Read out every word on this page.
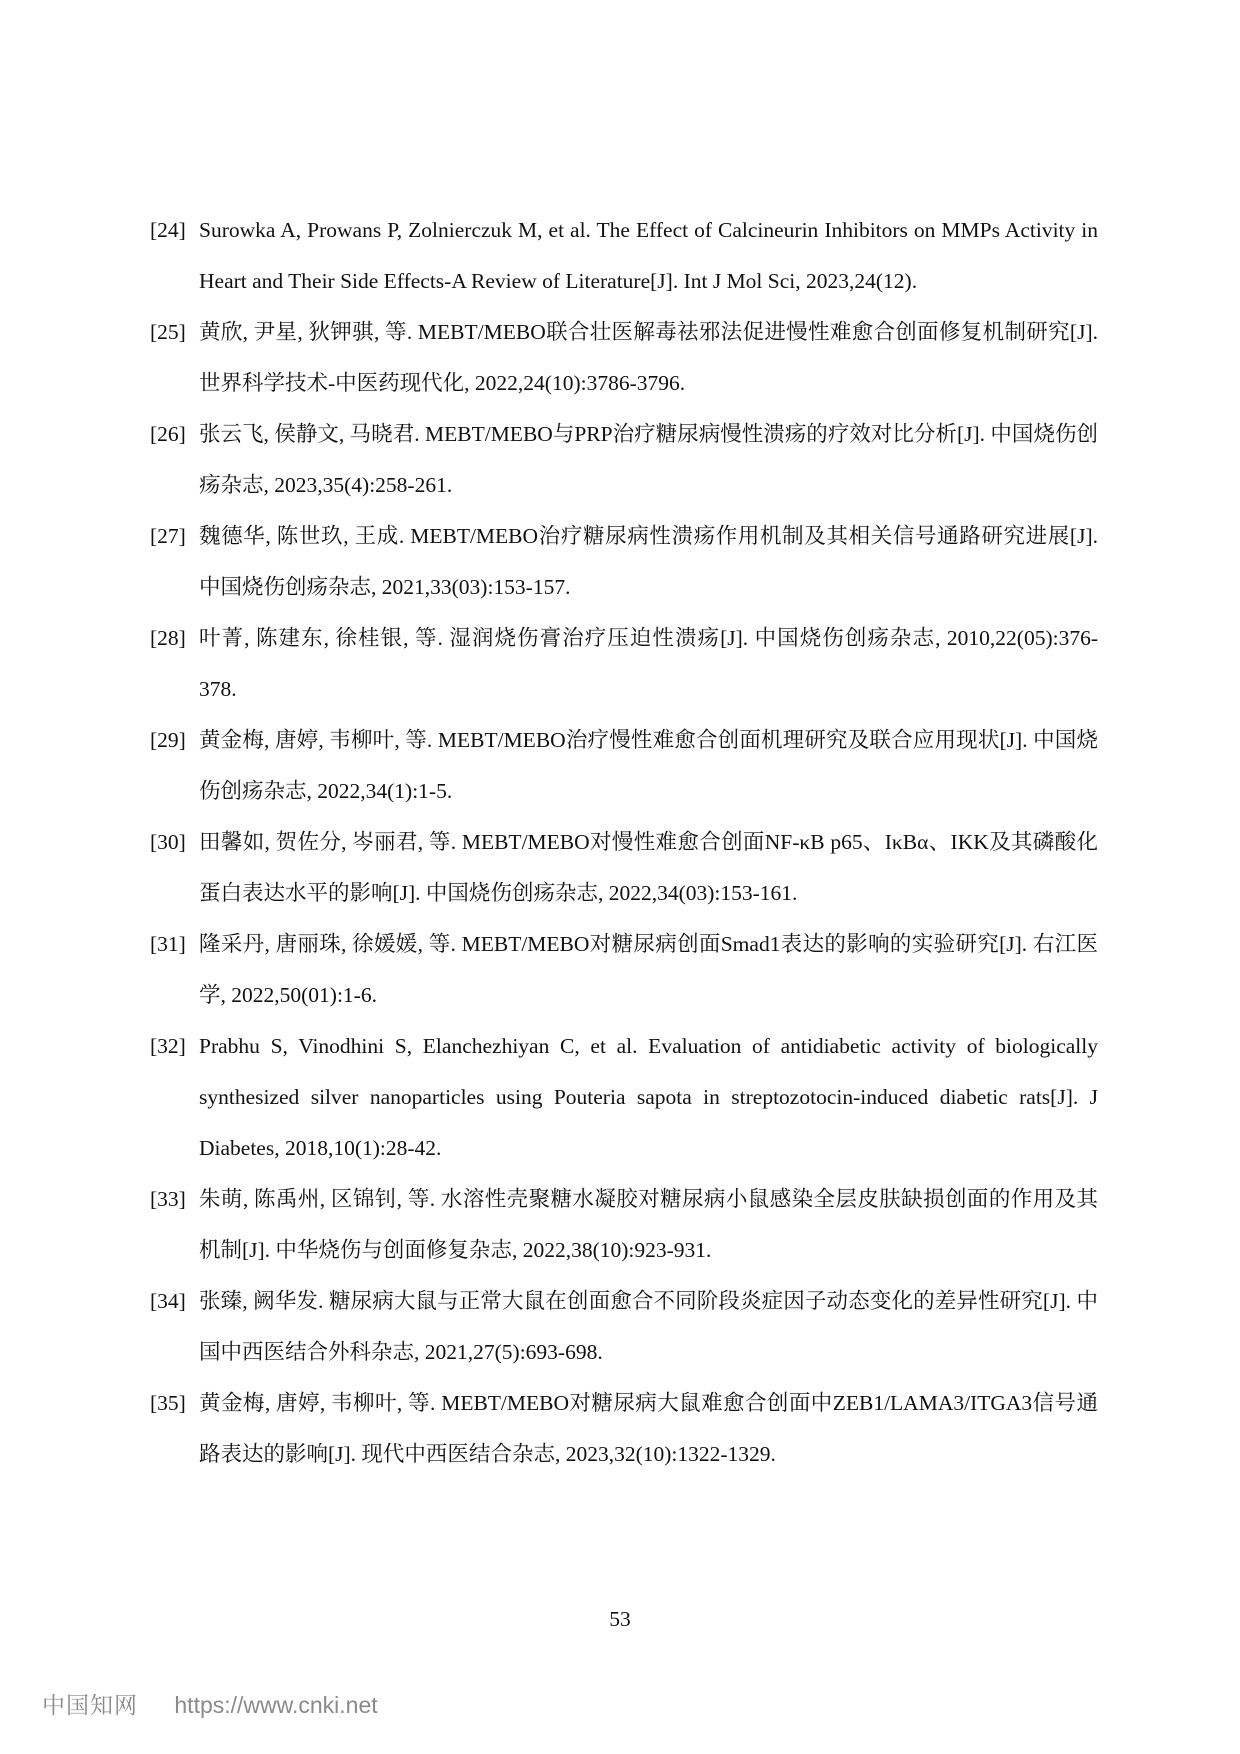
[24] Surowka A, Prowans P, Zolnierczuk M, et al. The Effect of Calcineurin Inhibitors on MMPs Activity in Heart and Their Side Effects-A Review of Literature[J]. Int J Mol Sci, 2023,24(12).
[25] 黄欣, 尹星, 狄钾骐, 等. MEBT/MEBO联合壮医解毒祛邪法促进慢性难愈合创面修复机制研究[J]. 世界科学技术-中医药现代化, 2022,24(10):3786-3796.
[26] 张云飞, 侯静文, 马晓君. MEBT/MEBO与PRP治疗糖尿病慢性溃疡的疗效对比分析[J]. 中国烧伤创疡杂志, 2023,35(4):258-261.
[27] 魏德华, 陈世玖, 王成. MEBT/MEBO治疗糖尿病性溃疡作用机制及其相关信号通路研究进展[J]. 中国烧伤创疡杂志, 2021,33(03):153-157.
[28] 叶菁, 陈建东, 徐桂银, 等. 湿润烧伤膏治疗压迫性溃疡[J]. 中国烧伤创疡杂志, 2010,22(05):376-378.
[29] 黄金梅, 唐婷, 韦柳叶, 等. MEBT/MEBO治疗慢性难愈合创面机理研究及联合应用现状[J]. 中国烧伤创疡杂志, 2022,34(1):1-5.
[30] 田馨如, 贺佐分, 岑丽君, 等. MEBT/MEBO对慢性难愈合创面NF-κB p65、IκBα、IKK及其磷酸化蛋白表达水平的影响[J]. 中国烧伤创疡杂志, 2022,34(03):153-161.
[31] 隆采丹, 唐丽珠, 徐媛媛, 等. MEBT/MEBO对糖尿病创面Smad1表达的影响的实验研究[J]. 右江医学, 2022,50(01):1-6.
[32] Prabhu S, Vinodhini S, Elanchezhiyan C, et al. Evaluation of antidiabetic activity of biologically synthesized silver nanoparticles using Pouteria sapota in streptozotocin-induced diabetic rats[J]. J Diabetes, 2018,10(1):28-42.
[33] 朱萌, 陈禹州, 区锦钊, 等. 水溶性壳聚糖水凝胶对糖尿病小鼠感染全层皮肤缺损创面的作用及其机制[J]. 中华烧伤与创面修复杂志, 2022,38(10):923-931.
[34] 张臻, 阙华发. 糖尿病大鼠与正常大鼠在创面愈合不同阶段炎症因子动态变化的差异性研究[J]. 中国中西医结合外科杂志, 2021,27(5):693-698.
[35] 黄金梅, 唐婷, 韦柳叶, 等. MEBT/MEBO对糖尿病大鼠难愈合创面中ZEB1/LAMA3/ITGA3信号通路表达的影响[J]. 现代中西医结合杂志, 2023,32(10):1322-1329.
53
中国知网 https://www.cnki.net
